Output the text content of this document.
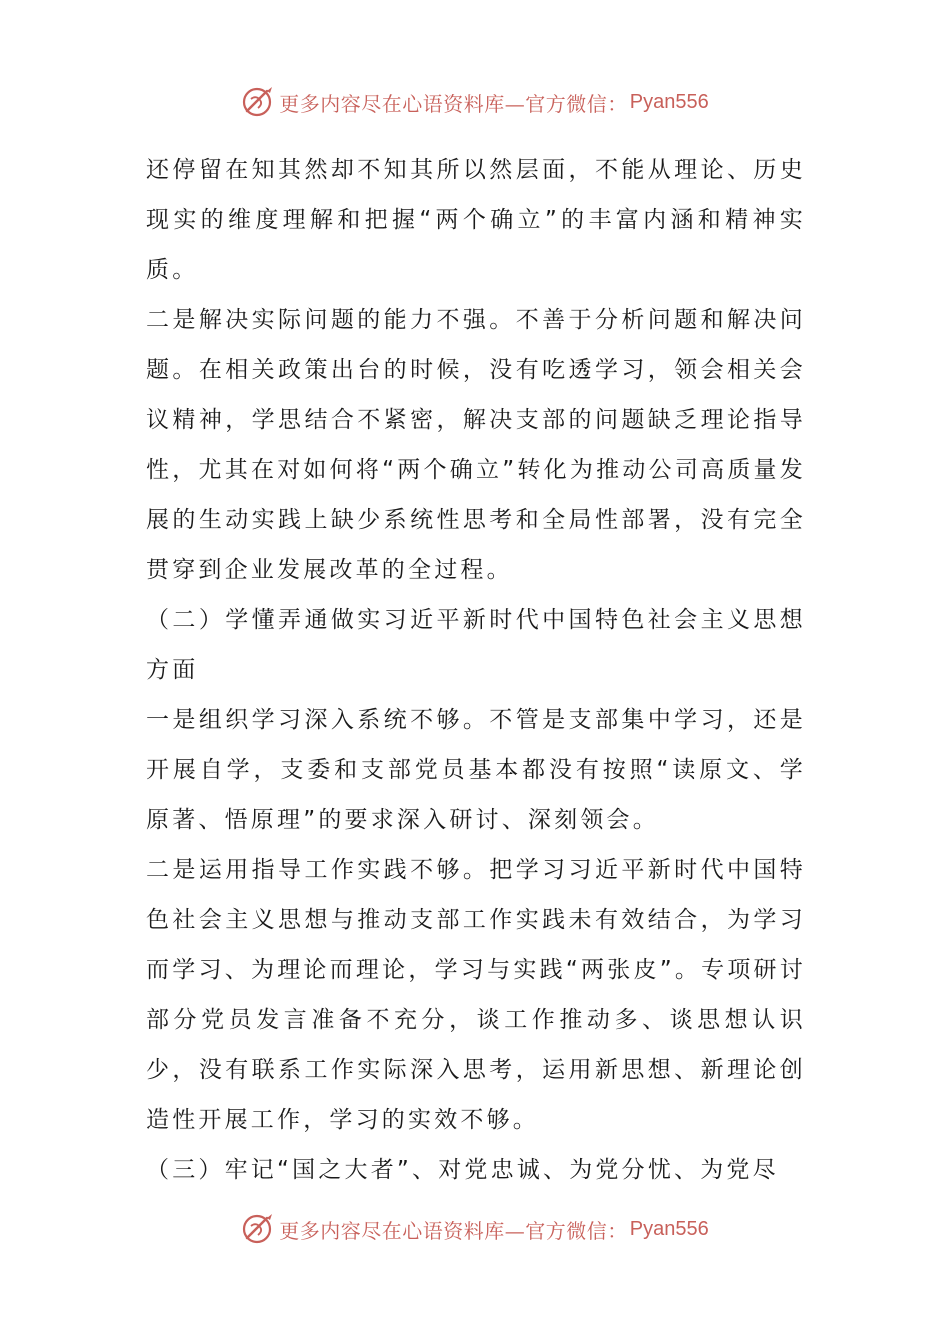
更多内容尽在心语资料库—官方微信： Pyan556

还停留在知其然却不知其所以然层面，不能从理论、历史现实的维度理解和把握“两个确立”的丰富内涵和精神实质。

二是解决实际问题的能力不强。不善于分析问题和解决问题。在相关政策出台的时候，没有吃透学习，领会相关会议精神，学思结合不紧密，解决支部的问题缺乏理论指导性，尤其在对如何将“两个确立”转化为推动公司高质量发展的生动实践上缺少系统性思考和全局性部署，没有完全贯穿到企业发展改革的全过程。

（二）学懂弄通做实习近平新时代中国特色社会主义思想方面

一是组织学习深入系统不够。不管是支部集中学习，还是开展自学，支委和支部党员基本都没有按照“读原文、学原著、悟原理”的要求深入研讨、深刻领会。

二是运用指导工作实践不够。把学习习近平新时代中国特色社会主义思想与推动支部工作实践未有效结合，为学习而学习、为理论而理论，学习与实践“两张皮”。专项研讨部分党员发言准备不充分，谈工作推动多、谈思想认识少，没有联系工作实际深入思考，运用新思想、新理论创造性开展工作，学习的实效不够。

（三）牢记“国之大者”、对党忠诚、为党分忧、为党尽

更多内容尽在心语资料库—官方微信： Pyan556
